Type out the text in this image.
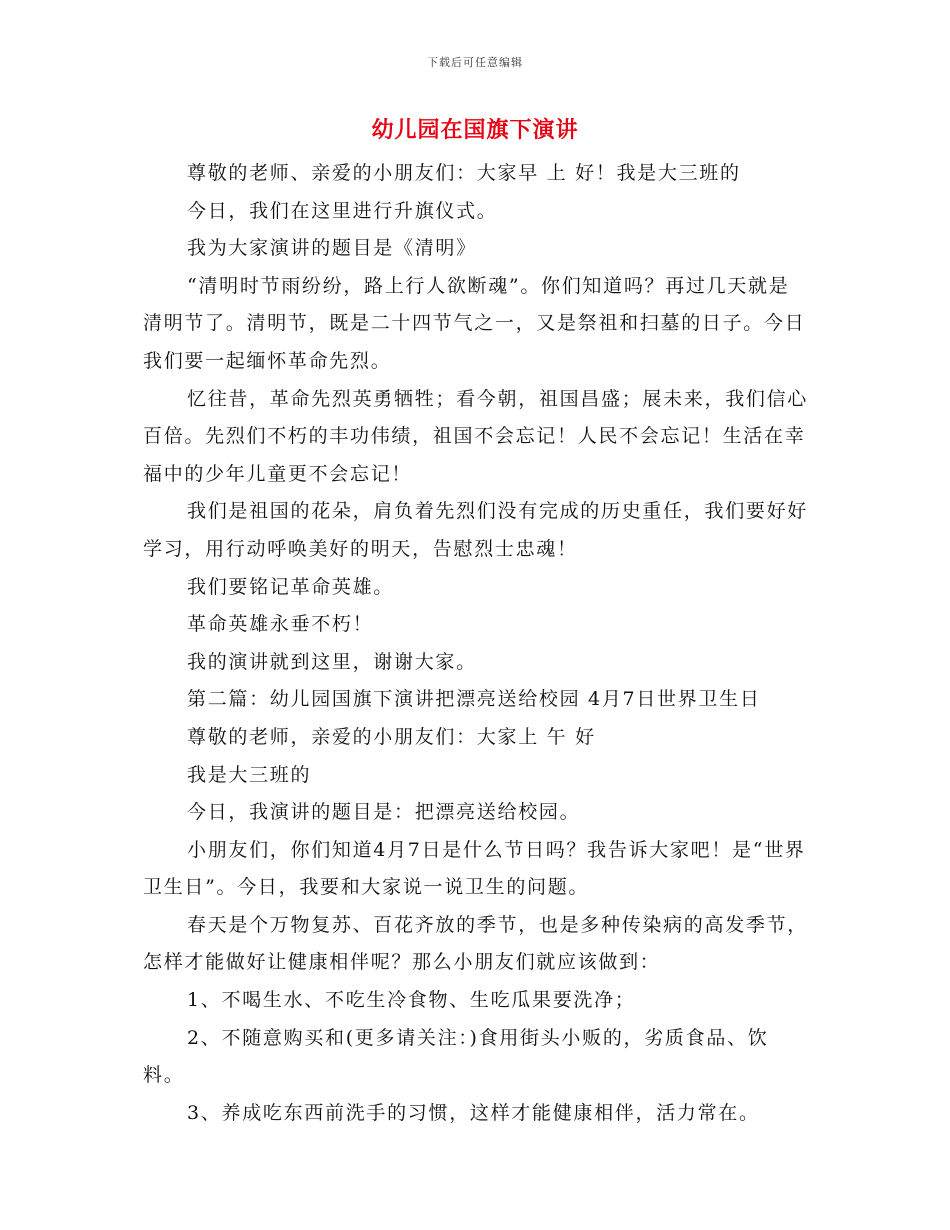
下载后可任意编辑
幼儿园在国旗下演讲

尊敬的老师、亲爱的小朋友们：大家早 上 好！我是大三班的

今日，我们在这里进行升旗仪式。

我为大家演讲的题目是《清明》

“清明时节雨纷纷，路上行人欲断魂”。你们知道吗？再过几天就是清明节了。清明节，既是二十四节气之一，又是祭祖和扫墓的日子。今日我们要一起缅怀革命先烈。

忆往昔，革命先烈英勇牺牲；看今朝，祖国昌盛；展未来，我们信心百倍。先烈们不朽的丰功伟绩，祖国不会忘记！人民不会忘记！生活在幸福中的少年儿童更不会忘记！

我们是祖国的花朵，肩负着先烈们没有完成的历史重任，我们要好好学习，用行动呼唤美好的明天，告慰烈士忠魂！

我们要铭记革命英雄。

革命英雄永垂不朽！

我的演讲就到这里，谢谢大家。

第二篇：幼儿园国旗下演讲把漂亮送给校园 4月7日世界卫生日

尊敬的老师，亲爱的小朋友们：大家上 午 好

我是大三班的

今日，我演讲的题目是：把漂亮送给校园。

小朋友们，你们知道4月7日是什么节日吗？我告诉大家吧！是“世界卫生日”。今日，我要和大家说一说卫生的问题。

春天是个万物复苏、百花齐放的季节，也是多种传染病的高发季节，怎样才能做好让健康相伴呢？那么小朋友们就应该做到：

1、不喝生水、不吃生冷食物、生吃瓜果要洗净；

2、不随意购买和(更多请关注：)食用街头小贩的，劣质食品、饮料。

3、养成吃东西前洗手的习惯，这样才能健康相伴，活力常在。
